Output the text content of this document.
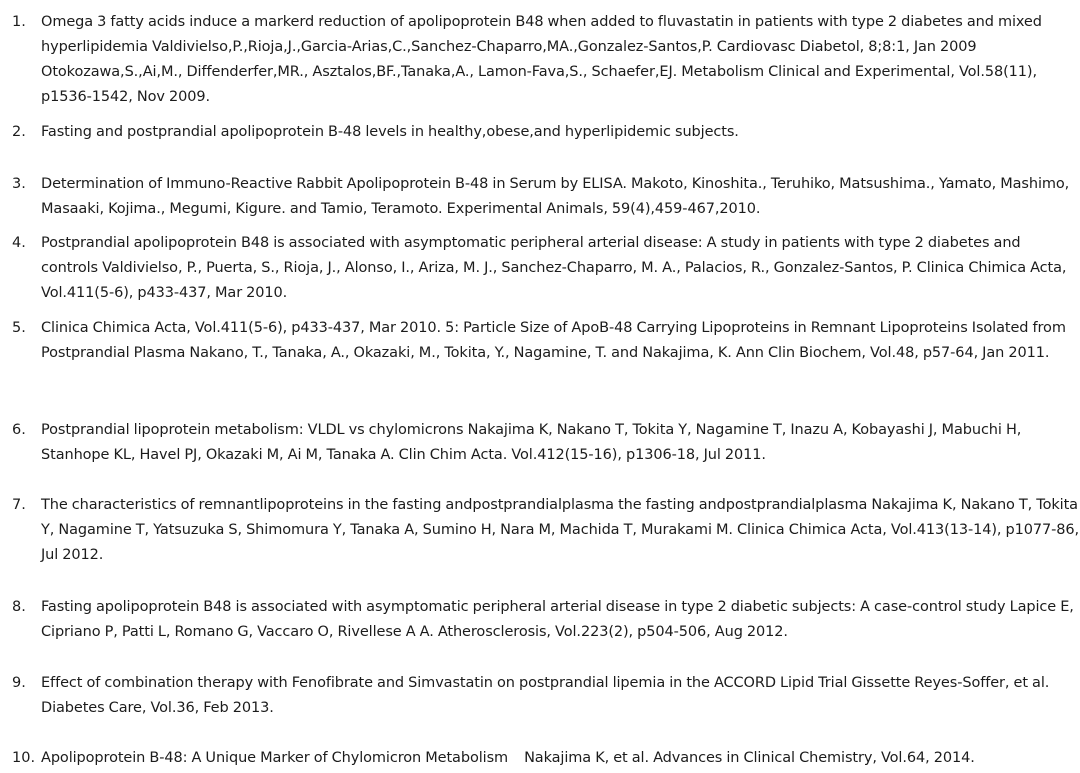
1.	Omega 3 fatty acids induce a markerd reduction of apolipoprotein B48 when added to fluvastatin in patients with type 2 diabetes and mixed hyperlipidemia Valdivielso,P.,Rioja,J.,Garcia-Arias,C.,Sanchez-Chaparro,MA.,Gonzalez-Santos,P. Cardiovasc Diabetol, 8;8:1, Jan 2009 Otokozawa,S.,Ai,M., Diffenderfer,MR., Asztalos,BF.,Tanaka,A., Lamon-Fava,S., Schaefer,EJ. Metabolism Clinical and Experimental, Vol.58(11), p1536-1542, Nov 2009.
2.	Fasting and postprandial apolipoprotein B-48 levels in healthy,obese,and hyperlipidemic subjects.
3.	Determination of Immuno-Reactive Rabbit Apolipoprotein B-48 in Serum by ELISA. Makoto, Kinoshita., Teruhiko, Matsushima., Yamato, Mashimo, Masaaki, Kojima., Megumi, Kigure. and Tamio, Teramoto. Experimental Animals, 59(4),459-467,2010.
4.	Postprandial apolipoprotein B48 is associated with asymptomatic peripheral arterial disease: A study in patients with type 2 diabetes and controls Valdivielso, P., Puerta, S., Rioja, J., Alonso, I., Ariza, M. J., Sanchez-Chaparro, M. A., Palacios, R., Gonzalez-Santos, P. Clinica Chimica Acta, Vol.411(5-6), p433-437, Mar 2010.
5.	Clinica Chimica Acta, Vol.411(5-6), p433-437, Mar 2010. 5: Particle Size of ApoB-48 Carrying Lipoproteins in Remnant Lipoproteins Isolated from Postprandial Plasma Nakano, T., Tanaka, A., Okazaki, M., Tokita, Y., Nagamine, T. and Nakajima, K. Ann Clin Biochem, Vol.48, p57-64, Jan 2011.
6.	Postprandial lipoprotein metabolism: VLDL vs chylomicrons Nakajima K, Nakano T, Tokita Y, Nagamine T, Inazu A, Kobayashi J, Mabuchi H, Stanhope KL, Havel PJ, Okazaki M, Ai M, Tanaka A. Clin Chim Acta. Vol.412(15-16), p1306-18, Jul 2011.
7.	The characteristics of remnantlipoproteins in the fasting andpostprandialplasma the fasting andpostprandialplasma Nakajima K, Nakano T, Tokita Y, Nagamine T, Yatsuzuka S, Shimomura Y, Tanaka A, Sumino H, Nara M, Machida T, Murakami M. Clinica Chimica Acta, Vol.413(13-14), p1077-86, Jul 2012.
8.	Fasting apolipoprotein B48 is associated with asymptomatic peripheral arterial disease in type 2 diabetic subjects: A case-control study Lapice E, Cipriano P, Patti L, Romano G, Vaccaro O, Rivellese A A. Atherosclerosis, Vol.223(2), p504-506, Aug 2012.
9.	Effect of combination therapy with Fenofibrate and Simvastatin on postprandial lipemia in the ACCORD Lipid Trial Gissette Reyes-Soffer, et al. Diabetes Care, Vol.36, Feb 2013.
10. Apolipoprotein B-48: A Unique Marker of Chylomicron Metabolism Nakajima K, et al. Advances in Clinical Chemistry, Vol.64, 2014.
